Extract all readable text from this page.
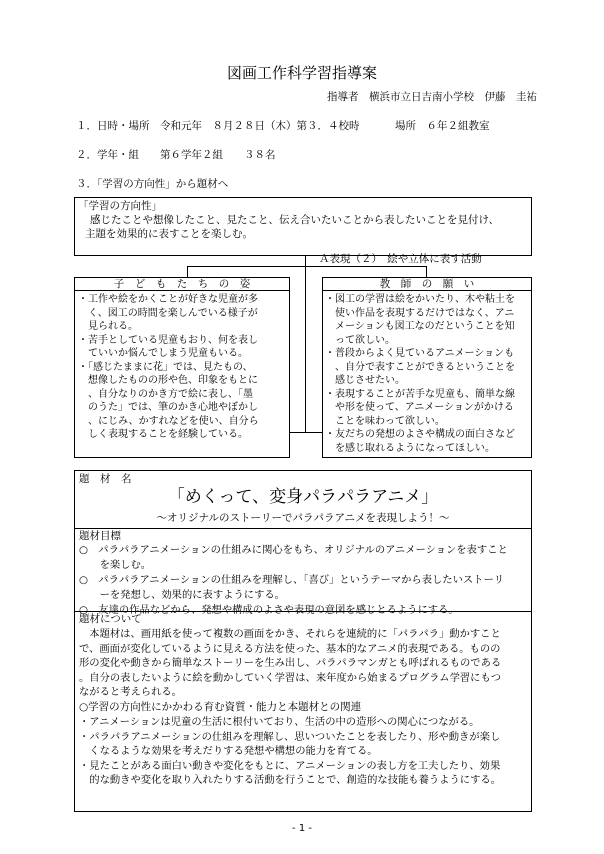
図画工作科学習指導案
指導者　横浜市立日吉南小学校　伊藤　圭祐
１．日時・場所　令和元年　８月２８日（木）第３．４校時	場所　６年２組教室
２．学年・組　　第６学年２組　　３８名
３．「学習の方向性」から題材へ
「学習の方向性」
感じたことや想像したこと、見たこと、伝え合いたいことから表したいことを見付け、
主題を効果的に表すことを楽しむ。
Ａ表現（２）　絵や立体に表す活動
子　ど　も　た　ち　の　姿
・工作や絵をかくことが好きな児童が多
　く、図工の時間を楽しんでいる様子が
　見られる。
・苦手としている児童もおり、何を表し
　ていいか悩んでしまう児童もいる。
・「感じたままに花」では、見たもの、
　想像したものの形や色、印象をもとに
　、自分なりのかき方で絵に表し、「墨
　のうた」では、筆のかき心地やぼかし
　、にじみ、かすれなどを使い、自分ら
　しく表現することを経験している。
教　師　の　願　い
・図工の学習は絵をかいたり、木や粘土を
　使い作品を表現するだけではなく、アニ
　メーションも図工なのだということを知
　って欲しい。
・普段からよく見ているアニメーションも
　、自分で表すことができるということを
　感じさせたい。
・表現することが苦手な児童も、簡単な線
　や形を使って、アニメーションがかける
　ことを味わって欲しい。
・友だちの発想のよさや構成の面白さなど
　を感じ取れるようになってほしい。
題　材　名
「めくって、変身パラパラアニメ」
～オリジナルのストーリーでパラパラアニメを表現しよう！～
題材目標
○　パラパラアニメーションの仕組みに関心をもち、オリジナルのアニメーションを表すこと
　　を楽しむ。
○　パラパラアニメーションの仕組みを理解し、「喜び」というテーマから表したいストーリ
　　ーを発想し、効果的に表すようにする。
○　友達の作品などから、発想や構成のよさや表現の意図を感じとるようにする。
題材について
　本題材は、画用紙を使って複数の画面をかき、それらを連続的に「パラパラ」動かすこと
で、画面が変化しているように見える方法を使った、基本的なアニメ的表現である。ものの
形の変化や動きから簡単なストーリーを生み出し、パラパラマンガとも呼ばれるものである
。自分の表したいように絵を動かしていく学習は、来年度から始まるプログラム学習にもつ
ながると考えられる。
○学習の方向性にかかわる育む資質・能力と本題材との関連
・アニメーションは児童の生活に根付いており、生活の中の造形への関心につながる。
・パラパラアニメーションの仕組みを理解し、思いついたことを表したり、形や動きが楽し
　くなるような効果を考えだりする発想や構想の能力を育てる。
・見たことがある面白い動きや変化をもとに、アニメーションの表し方を工夫したり、効果
　的な動きや変化を取り入れたりする活動を行うことで、創造的な技能も養うようにする。
- 1 -
